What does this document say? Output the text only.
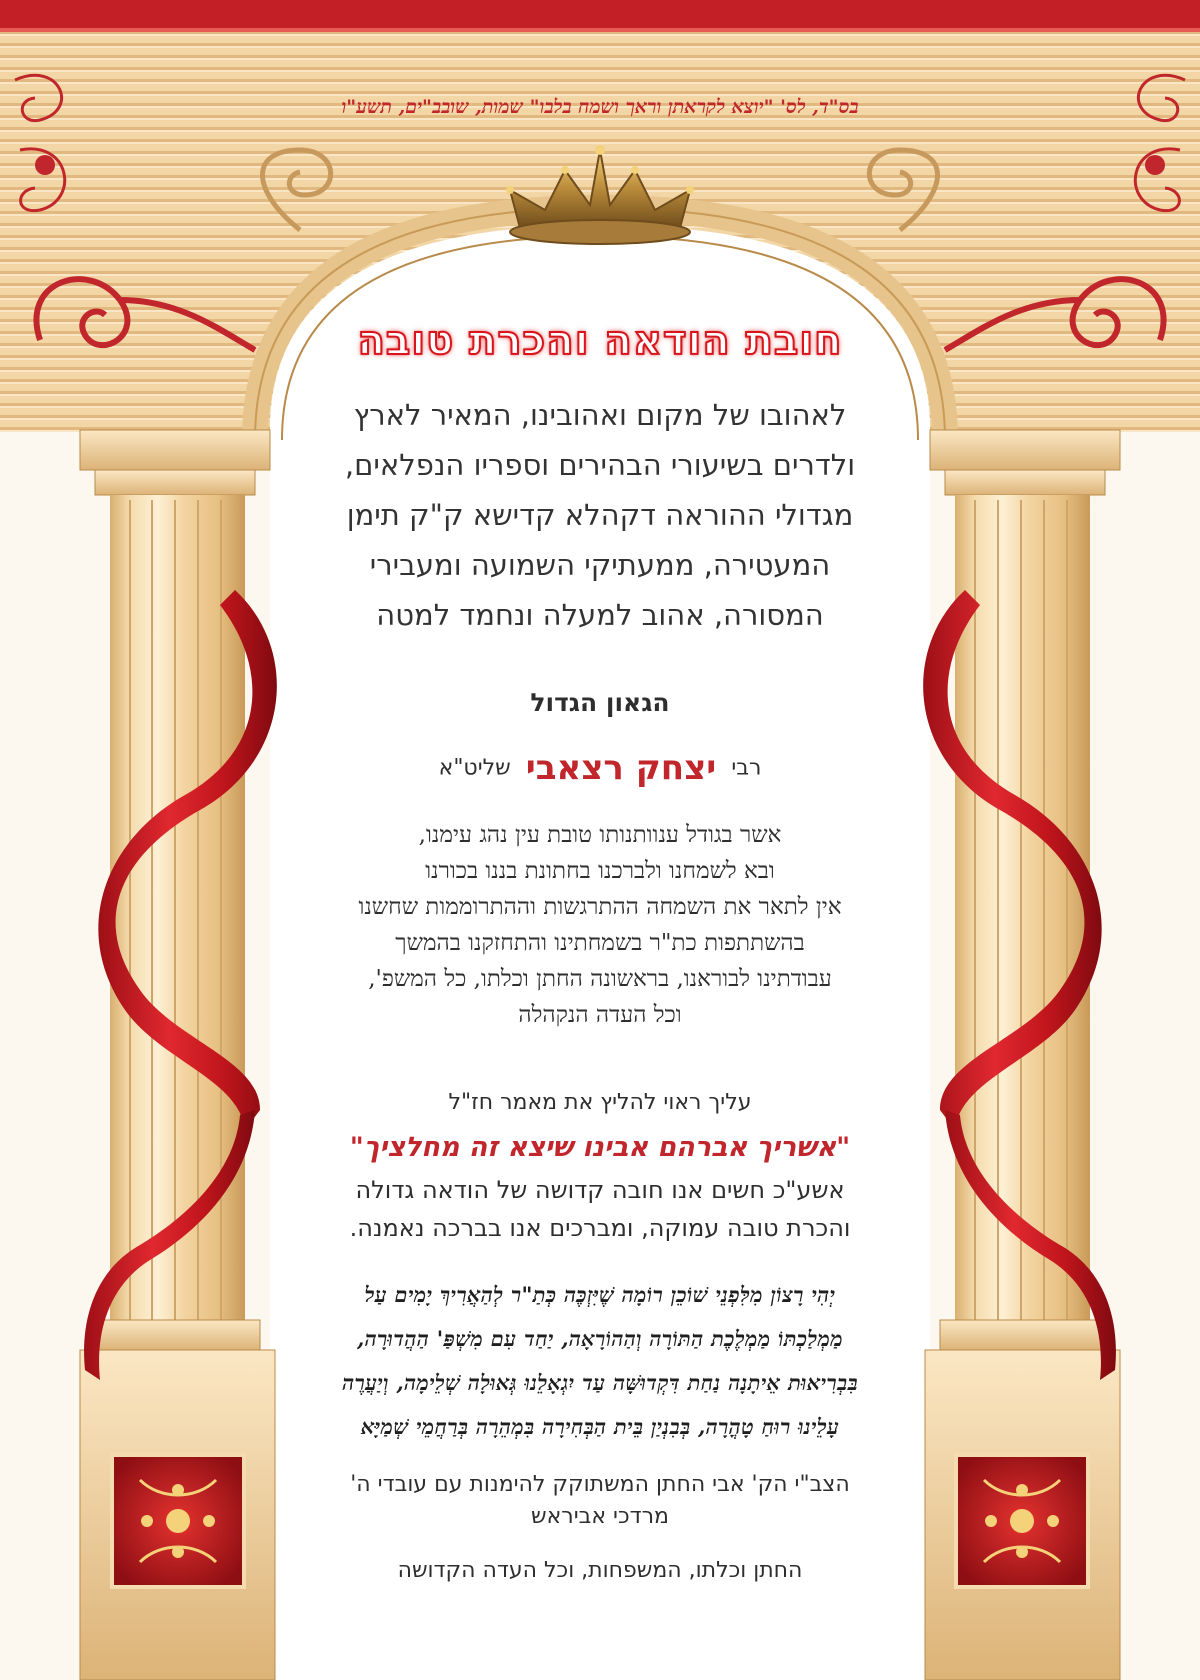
בס"ד, לס' "יוצא לקראתן וראך ושמח בלבו" שמות, שובב"ים, תשע"ו
חובת הודאה והכרת טובה
לאהובו של מקום ואהובינו, המאיר לארץ
ולדרים בשיעורי הבהירים וספריו הנפלאים,
מגדולי ההוראה דקהלא קדישא ק"ק תימן
המעטירה, ממעתיקי השמועה ומעבירי
המסורה, אהוב למעלה ונחמד למטה
הגאון הגדול
רבי יצחק רצאבי שליט"א
אשר בגודל ענוותנותו טובת עין נהג עימנו,
ובא לשמחנו ולברכנו בחתונת בננו בכורנו
אין לתאר את השמחה ההתרגשות וההתרוממות שחשנו
בהשתתפות כת"ר בשמחתינו והתחזקנו בהמשך
עבודתינו לבוראנו, בראשונה החתן וכלתו, כל המשפ',
וכל העדה הנקהלה
עליך ראוי להליץ את מאמר חז"ל
"אשריך אברהם אבינו שיצא זה מחלציך"
אשע"כ חשים אנו חובה קדושה של הודאה גדולה
והכרת טובה עמוקה, ומברכים אנו בברכה נאמנה.
יְהִי רָצוֹן מִלִּפְנֵי שׁוֹכֵן רוֹמָה שֶׁיִּזְכֶּה כְּתַ"ר לְהַאֲרִיךְ יָמִים עַל
מַמְלַכְתּוֹ מַמְלֶכֶת הַתּוֹרָה וְהַהוֹרָאָה, יַחַד עִם מִשְׁפַּ' הַהֲדוּרָה,
בִּבְרִיאוּת אֵיתָנָה נַחַת דִּקְדוּשָּׁה עַד יִגְאָלֵנוּ גְּאוּלָה שְׁלֵימָה, וְיַעֲרֶה
עָלֵינוּ רוּחַ טָהֳרָה, בְּבִנְיַן בֵּית הַבְּחִירָה בִּמְהֵרָה בְּרַחֲמֵי שְׁמַיָּא
הצב"י הק' אבי החתן המשתוקק להימנות עם עובדי ה'
מרדכי אביראש
החתן וכלתו, המשפחות, וכל העדה הקדושה
